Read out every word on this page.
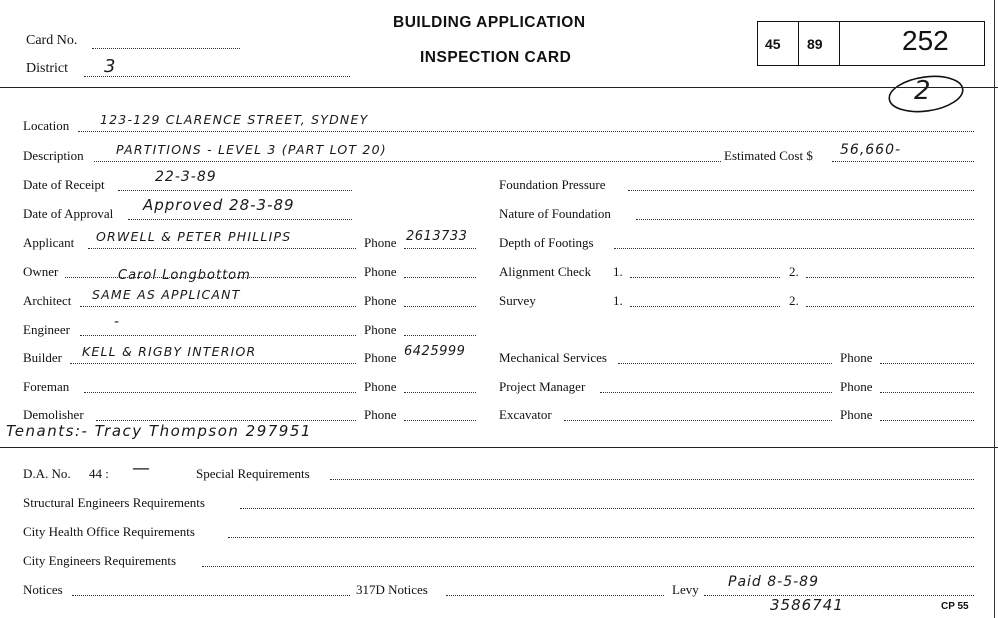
Card No.
District 3
BUILDING APPLICATION
INSPECTION CARD
45 89	252
2
Location 123-129 CLARENCE STREET, SYDNEY
Description	PARTITIONS - LEVEL 3 (PART LOT 20)	Estimated Cost $ 56,660-
Date of Receipt	22-3-89
Date of Approval Approved 28-3-89
Applicant ORWELL & PETER PHILLIPS	Phone 2613733
Owner	Carol Longbottom	Phone
Architect SAME AS APPLICANT	Phone
Engineer	-	Phone
Builder KELL & RIGBY INTERIOR	Phone 6425999
Foreman	Phone
Demolisher	Phone
Foundation Pressure
Nature of Foundation
Depth of Footings
Alignment Check 1.	2.
Survey	1.	2.
Mechanical Services	Phone
Project Manager	Phone
Excavator	Phone
Tenants:- Tracy Thompson 297951
D.A. No. 44 : —	Special Requirements
Structural Engineers Requirements
City Health Office Requirements
City Engineers Requirements
Notices	317D Notices	Levy Paid 8-5-89
3586741	CP 55
